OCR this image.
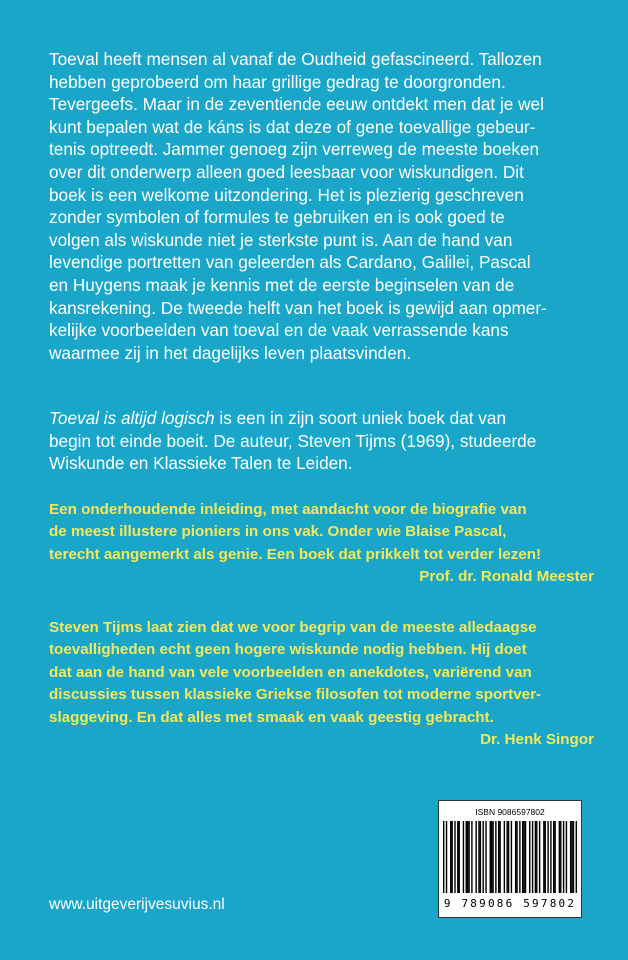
Toeval heeft mensen al vanaf de Oudheid gefascineerd. Tallozen

hebben geprobeerd om haar grillige gedrag te doorgronden.

Tevergeefs. Maar in de zeventiende eeuw ontdekt men dat je wel

kunt bepalen wat de káns is dat deze of gene toevallige gebeur-

tenis optreedt. Jammer genoeg zijn verreweg de meeste boeken

over dit onderwerp alleen goed leesbaar voor wiskundigen. Dit

boek is een welkome uitzondering. Het is plezierig geschreven

zonder symbolen of formules te gebruiken en is ook goed te

volgen als wiskunde niet je sterkste punt is. Aan de hand van

levendige portretten van geleerden als Cardano, Galilei, Pascal

en Huygens maak je kennis met de eerste beginselen van de

kansrekening. De tweede helft van het boek is gewijd aan opmer-

kelijke voorbeelden van toeval en de vaak verrassende kans

waarmee zij in het dagelijks leven plaatsvinden.

Toeval is altijd logisch is een in zijn soort uniek boek dat van

begin tot einde boeit. De auteur, Steven Tijms (1969), studeerde

Wiskunde en Klassieke Talen te Leiden.

Een onderhoudende inleiding, met aandacht voor de biografie van
de meest illustere pioniers in ons vak. Onder wie Blaise Pascal,
terecht aangemerkt als genie. Een boek dat prikkelt tot verder lezen!
Prof. dr. Ronald Meester
Steven Tijms laat zien dat we voor begrip van de meeste alledaagse
toevalligheden echt geen hogere wiskunde nodig hebben. Hij doet
dat aan de hand van vele voorbeelden en anekdotes, variërend van
discussies tussen klassieke Griekse filosofen tot moderne sportver-
slaggeving. En dat alles met smaak en vaak geestig gebracht.
Dr. Henk Singor
www.uitgeverijvesuvius.nl
ISBN 9086597802
9 789086 597802
